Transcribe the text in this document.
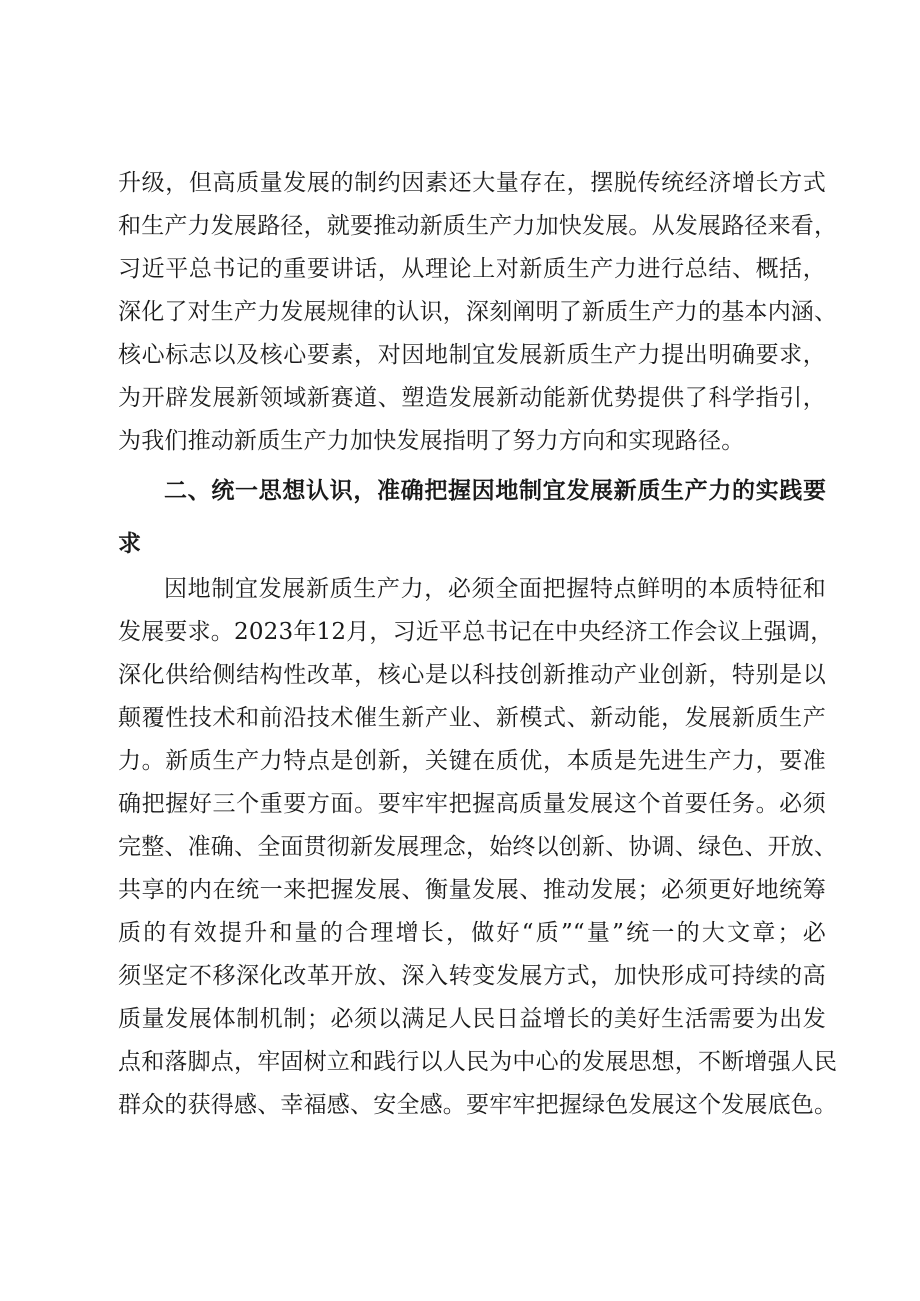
升级，但高质量发展的制约因素还大量存在，摆脱传统经济增长方式
和生产力发展路径，就要推动新质生产力加快发展。从发展路径来看，
习近平总书记的重要讲话，从理论上对新质生产力进行总结、概括，
深化了对生产力发展规律的认识，深刻阐明了新质生产力的基本内涵、
核心标志以及核心要素，对因地制宜发展新质生产力提出明确要求，
为开辟发展新领域新赛道、塑造发展新动能新优势提供了科学指引，
为我们推动新质生产力加快发展指明了努力方向和实现路径。
二、统一思想认识，准确把握因地制宜发展新质生产力的实践要
求
因地制宜发展新质生产力，必须全面把握特点鲜明的本质特征和
发展要求。2023年12月，习近平总书记在中央经济工作会议上强调，
深化供给侧结构性改革，核心是以科技创新推动产业创新，特别是以
颠覆性技术和前沿技术催生新产业、新模式、新动能，发展新质生产
力。新质生产力特点是创新，关键在质优，本质是先进生产力，要准
确把握好三个重要方面。要牢牢把握高质量发展这个首要任务。必须
完整、准确、全面贯彻新发展理念，始终以创新、协调、绿色、开放、
共享的内在统一来把握发展、衡量发展、推动发展；必须更好地统筹
质的有效提升和量的合理增长，做好“质”“量”统一的大文章；必
须坚定不移深化改革开放、深入转变发展方式，加快形成可持续的高
质量发展体制机制；必须以满足人民日益增长的美好生活需要为出发
点和落脚点，牢固树立和践行以人民为中心的发展思想，不断增强人民
群众的获得感、幸福感、安全感。要牢牢把握绿色发展这个发展底色。
